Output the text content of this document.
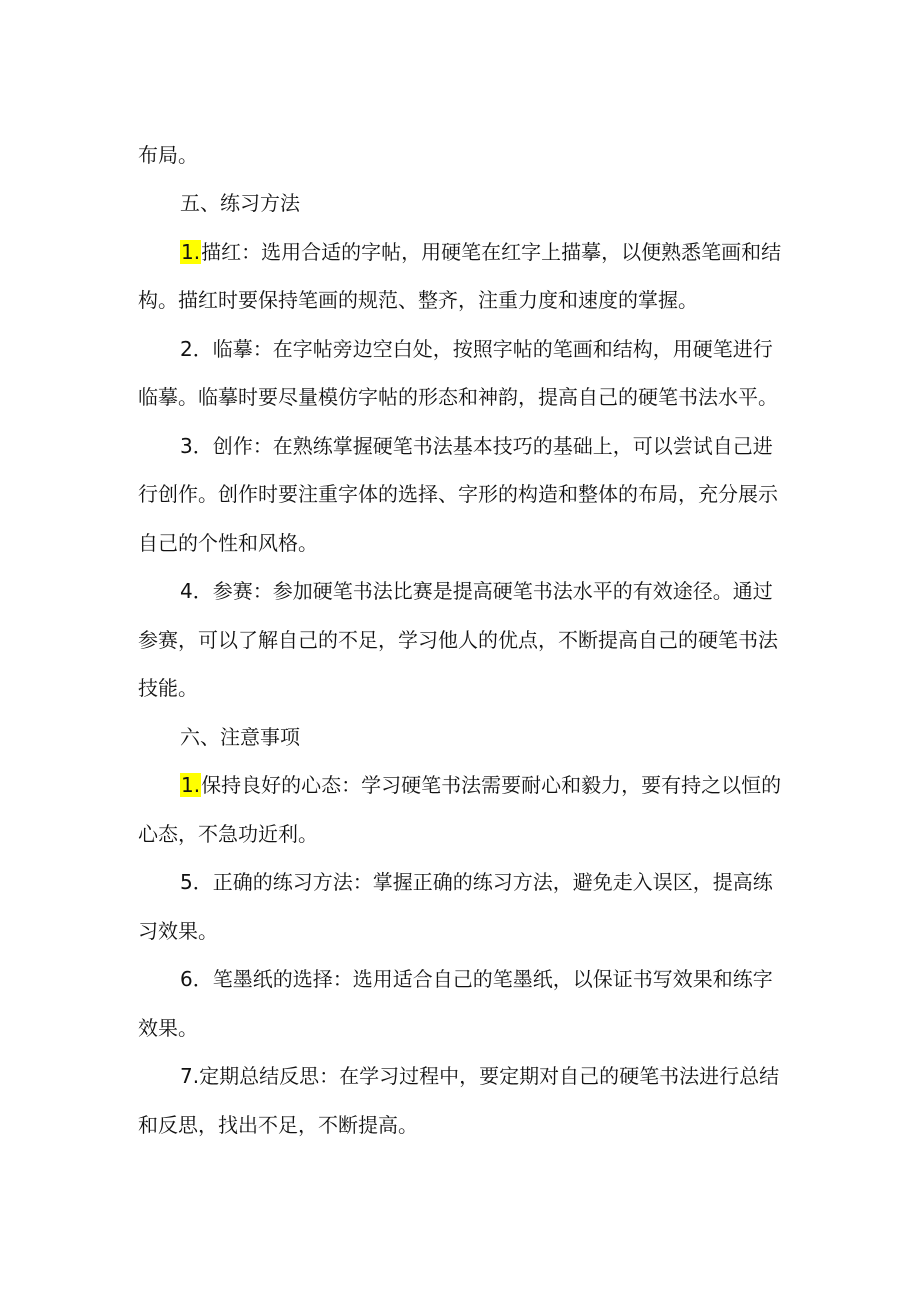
布局。
五、练习方法
1.描红：选用合适的字帖，用硬笔在红字上描摹，以便熟悉笔画和结
构。描红时要保持笔画的规范、整齐，注重力度和速度的掌握。
2．临摹：在字帖旁边空白处，按照字帖的笔画和结构，用硬笔进行
临摹。临摹时要尽量模仿字帖的形态和神韵，提高自己的硬笔书法水平。
3．创作：在熟练掌握硬笔书法基本技巧的基础上，可以尝试自己进
行创作。创作时要注重字体的选择、字形的构造和整体的布局，充分展示
自己的个性和风格。
4．参赛：参加硬笔书法比赛是提高硬笔书法水平的有效途径。通过
参赛，可以了解自己的不足，学习他人的优点，不断提高自己的硬笔书法
技能。
六、注意事项
1.保持良好的心态：学习硬笔书法需要耐心和毅力，要有持之以恒的
心态，不急功近利。
5．正确的练习方法：掌握正确的练习方法，避免走入误区，提高练
习效果。
6．笔墨纸的选择：选用适合自己的笔墨纸，以保证书写效果和练字
效果。
7.定期总结反思：在学习过程中，要定期对自己的硬笔书法进行总结
和反思，找出不足，不断提高。
